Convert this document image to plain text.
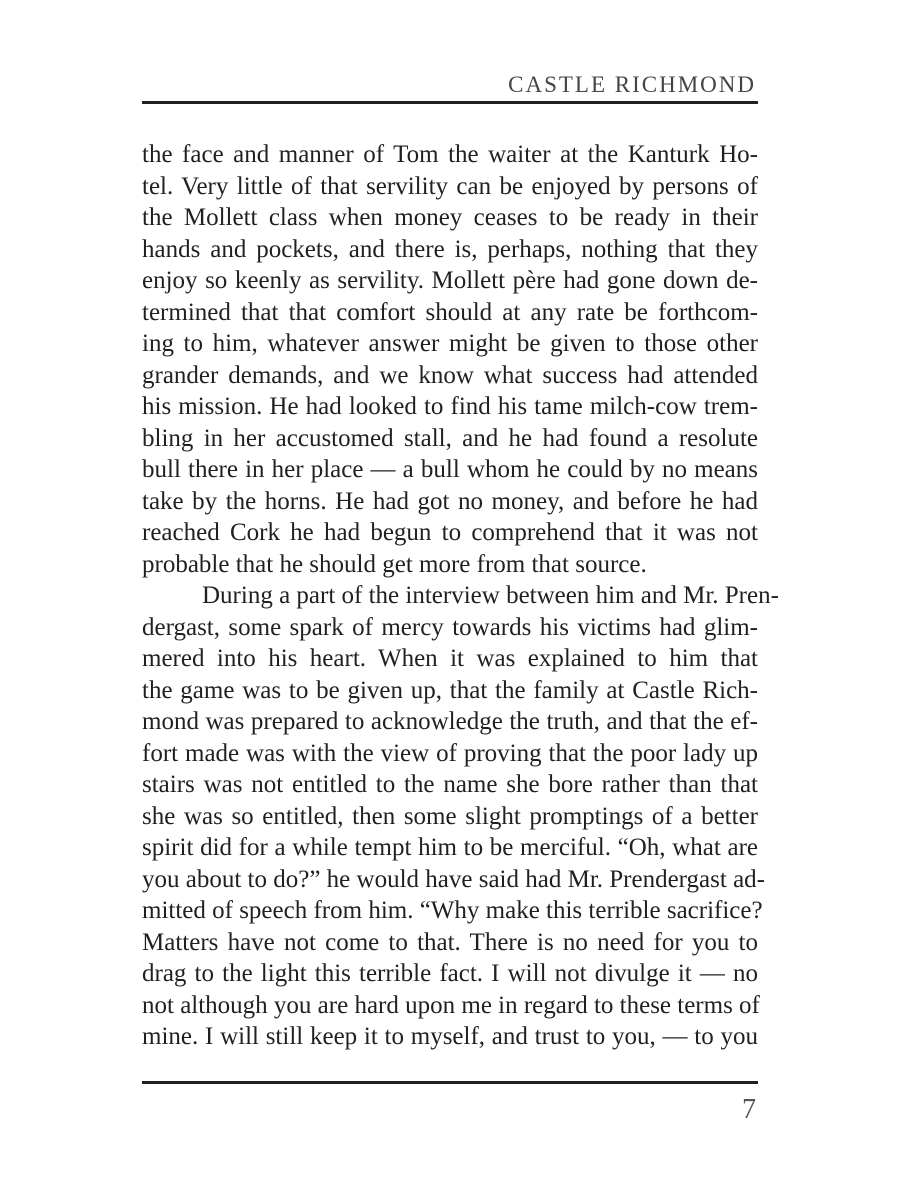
CASTLE RICHMOND
the face and manner of Tom the waiter at the Kanturk Ho-
tel. Very little of that servility can be enjoyed by persons of
the Mollett class when money ceases to be ready in their
hands and pockets, and there is, perhaps, nothing that they
enjoy so keenly as servility. Mollett père had gone down de-
termined that that comfort should at any rate be forthcom-
ing to him, whatever answer might be given to those other
grander demands, and we know what success had attended
his mission. He had looked to find his tame milch-cow trem-
bling in her accustomed stall, and he had found a resolute
bull there in her place — a bull whom he could by no means
take by the horns. He had got no money, and before he had
reached Cork he had begun to comprehend that it was not
probable that he should get more from that source.
During a part of the interview between him and Mr. Pren-
dergast, some spark of mercy towards his victims had glim-
mered into his heart. When it was explained to him that
the game was to be given up, that the family at Castle Rich-
mond was prepared to acknowledge the truth, and that the ef-
fort made was with the view of proving that the poor lady up
stairs was not entitled to the name she bore rather than that
she was so entitled, then some slight promptings of a better
spirit did for a while tempt him to be merciful. “Oh, what are
you about to do?” he would have said had Mr. Prendergast ad-
mitted of speech from him. “Why make this terrible sacrifice?
Matters have not come to that. There is no need for you to
drag to the light this terrible fact. I will not divulge it — no
not although you are hard upon me in regard to these terms of
mine. I will still keep it to myself, and trust to you, — to you
7
